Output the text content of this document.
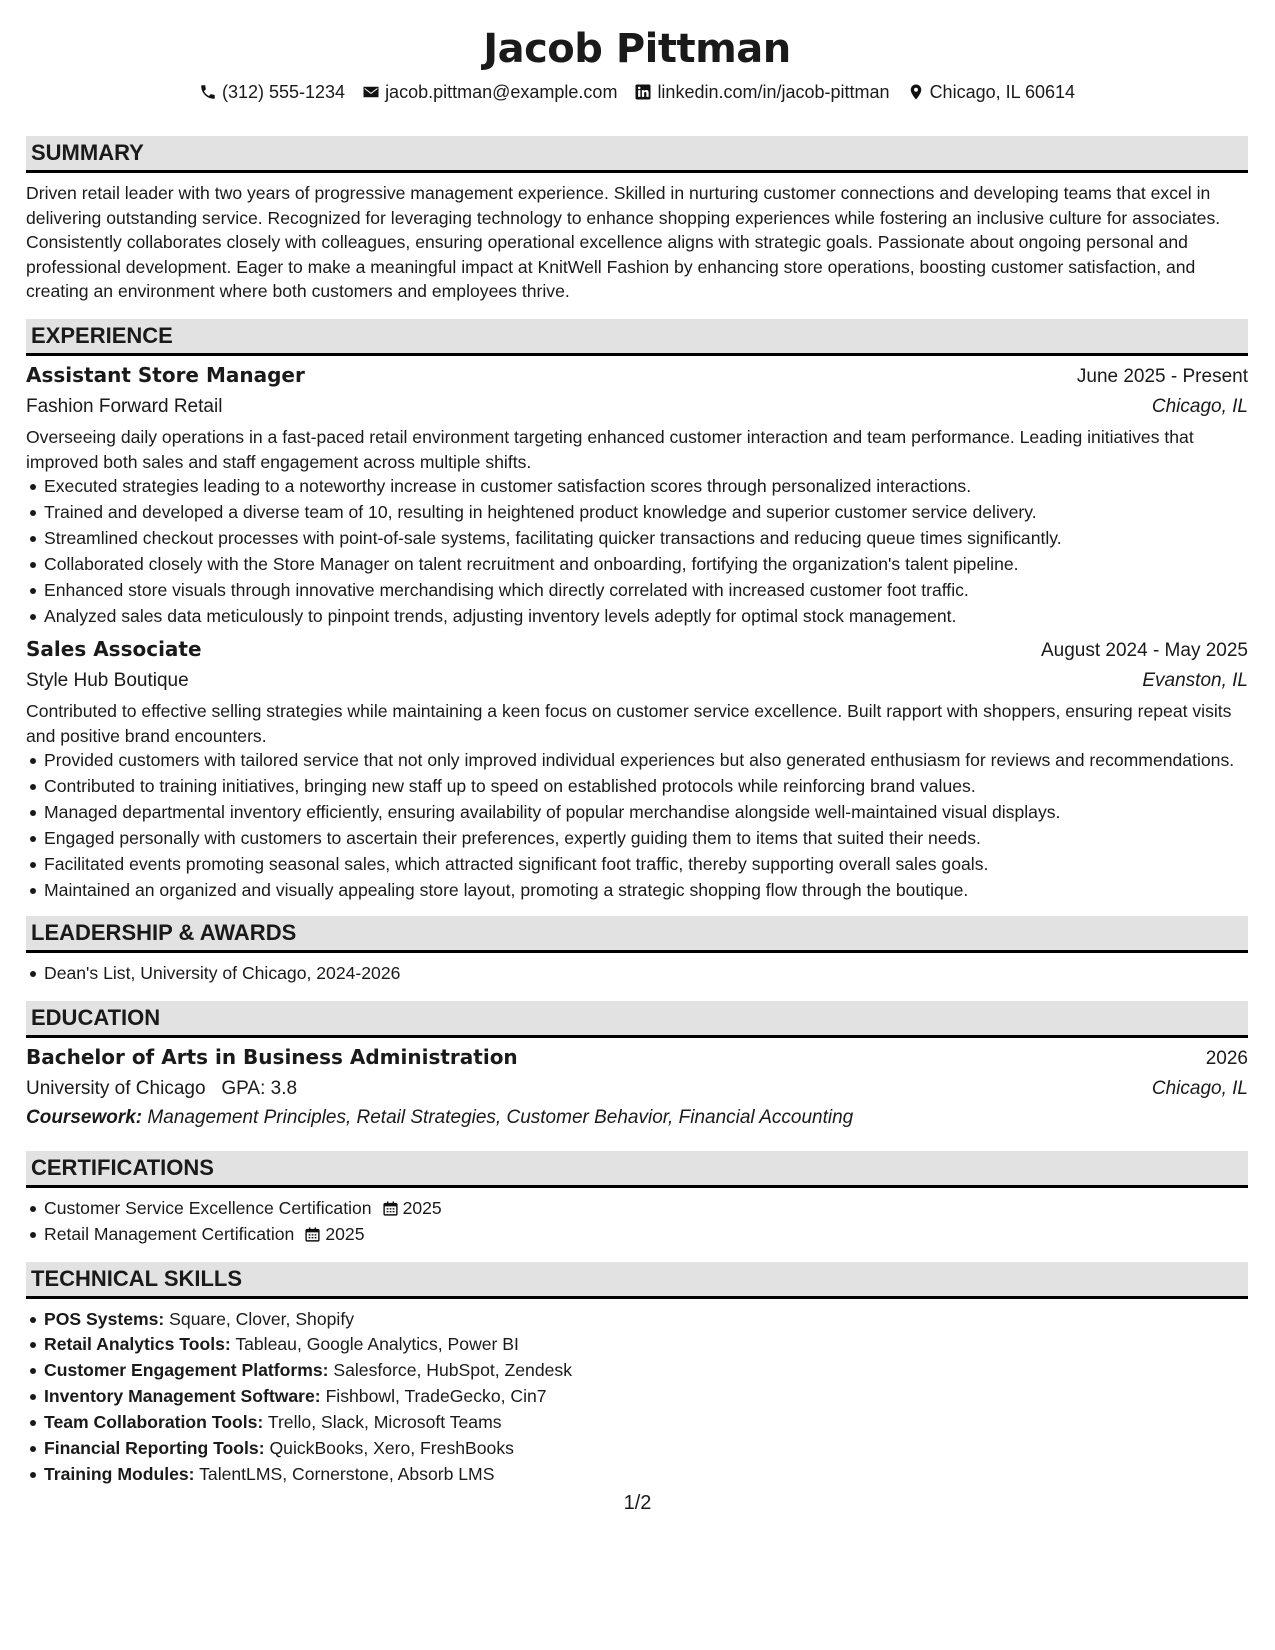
Jacob Pittman
(312) 555-1234 jacob.pittman@example.com linkedin.com/in/jacob-pittman Chicago, IL 60614
SUMMARY

Driven retail leader with two years of progressive management experience. Skilled in nurturing customer connections and developing teams that excel in delivering outstanding service. Recognized for leveraging technology to enhance shopping experiences while fostering an inclusive culture for associates. Consistently collaborates closely with colleagues, ensuring operational excellence aligns with strategic goals. Passionate about ongoing personal and professional development. Eager to make a meaningful impact at KnitWell Fashion by enhancing store operations, boosting customer satisfaction, and creating an environment where both customers and employees thrive.

EXPERIENCE
Assistant Store Manager	June 2025 - Present
Fashion Forward Retail	Chicago, IL

Overseeing daily operations in a fast-paced retail environment targeting enhanced customer interaction and team performance. Leading initiatives that improved both sales and staff engagement across multiple shifts.

Executed strategies leading to a noteworthy increase in customer satisfaction scores through personalized interactions.
Trained and developed a diverse team of 10, resulting in heightened product knowledge and superior customer service delivery.
Streamlined checkout processes with point-of-sale systems, facilitating quicker transactions and reducing queue times significantly.
Collaborated closely with the Store Manager on talent recruitment and onboarding, fortifying the organization's talent pipeline.
Enhanced store visuals through innovative merchandising which directly correlated with increased customer foot traffic.
Analyzed sales data meticulously to pinpoint trends, adjusting inventory levels adeptly for optimal stock management.
Sales Associate	August 2024 - May 2025
Style Hub Boutique	Evanston, IL

Contributed to effective selling strategies while maintaining a keen focus on customer service excellence. Built rapport with shoppers, ensuring repeat visits and positive brand encounters.

Provided customers with tailored service that not only improved individual experiences but also generated enthusiasm for reviews and recommendations.
Contributed to training initiatives, bringing new staff up to speed on established protocols while reinforcing brand values.
Managed departmental inventory efficiently, ensuring availability of popular merchandise alongside well-maintained visual displays.
Engaged personally with customers to ascertain their preferences, expertly guiding them to items that suited their needs.
Facilitated events promoting seasonal sales, which attracted significant foot traffic, thereby supporting overall sales goals.
Maintained an organized and visually appealing store layout, promoting a strategic shopping flow through the boutique.
LEADERSHIP & AWARDS
Dean's List, University of Chicago, 2024-2026
EDUCATION
Bachelor of Arts in Business Administration	2026
University of Chicago GPA: 3.8	Chicago, IL
Coursework: Management Principles, Retail Strategies, Customer Behavior, Financial Accounting
CERTIFICATIONS
Customer Service Excellence Certification 2025
Retail Management Certification 2025
TECHNICAL SKILLS
POS Systems: Square, Clover, Shopify
Retail Analytics Tools: Tableau, Google Analytics, Power BI
Customer Engagement Platforms: Salesforce, HubSpot, Zendesk
Inventory Management Software: Fishbowl, TradeGecko, Cin7
Team Collaboration Tools: Trello, Slack, Microsoft Teams
Financial Reporting Tools: QuickBooks, Xero, FreshBooks
Training Modules: TalentLMS, Cornerstone, Absorb LMS
1/2
